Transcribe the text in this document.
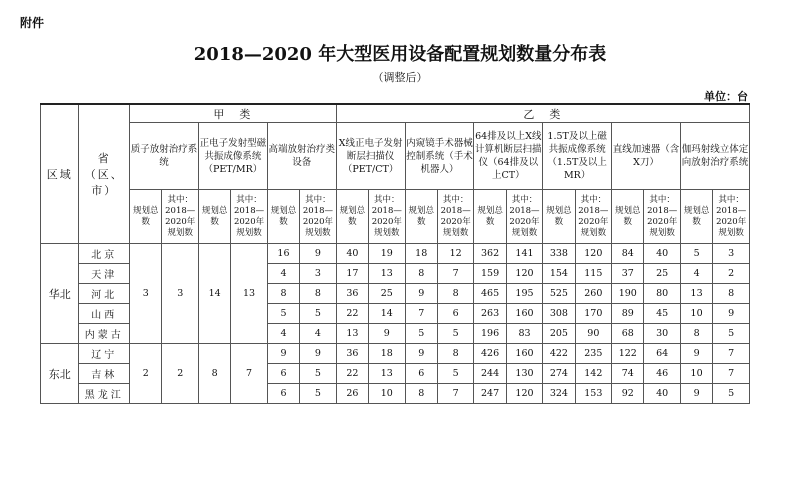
附件
2018—2020 年大型医用设备配置规划数量分布表
（调整后）
单位：台
区域	省（区、市）	甲　类						乙　类											
		质子放射治疗系统		正电子发射型磁共振成像系统（PET/MR）		高端放射治疗类设备		X线正电子发射断层扫描仪（PET/CT）		内窥镜手术器械控制系统（手术机器人）		64排及以上X线计算机断层扫描仪（64排及以上CT）		1.5T及以上磁共振成像系统（1.5T及以上MR）		直线加速器（含X刀）		伽玛射线立体定向放射治疗系统	
		规划总数	其中：2018—2020年规划数	规划总数	其中：2018—2020年规划数	规划总数	其中：2018—2020年规划数	规划总数	其中：2018—2020年规划数	规划总数	其中：2018—2020年规划数	规划总数	其中：2018—2020年规划数	规划总数	其中：2018—2020年规划数	规划总数	其中：2018—2020年规划数	规划总数	其中：2018—2020年规划数
华北	北京	3	3	14	13	16	9	40	19	18	12	362	141	338	120	84	40	5	3
	天津					4	3	17	13	8	7	159	120	154	115	37	25	4	2
	河北					8	8	36	25	9	8	465	195	525	260	190	80	13	8
	山西					5	5	22	14	7	6	263	160	308	170	89	45	10	9
	内蒙古					4	4	13	9	5	5	196	83	205	90	68	30	8	5
东北	辽宁	2	2	8	7	9	9	36	18	9	8	426	160	422	235	122	64	9	7
	吉林					6	5	22	13	6	5	244	130	274	142	74	46	10	7
	黑龙江					6	5	26	10	8	7	247	120	324	153	92	40	9	5
